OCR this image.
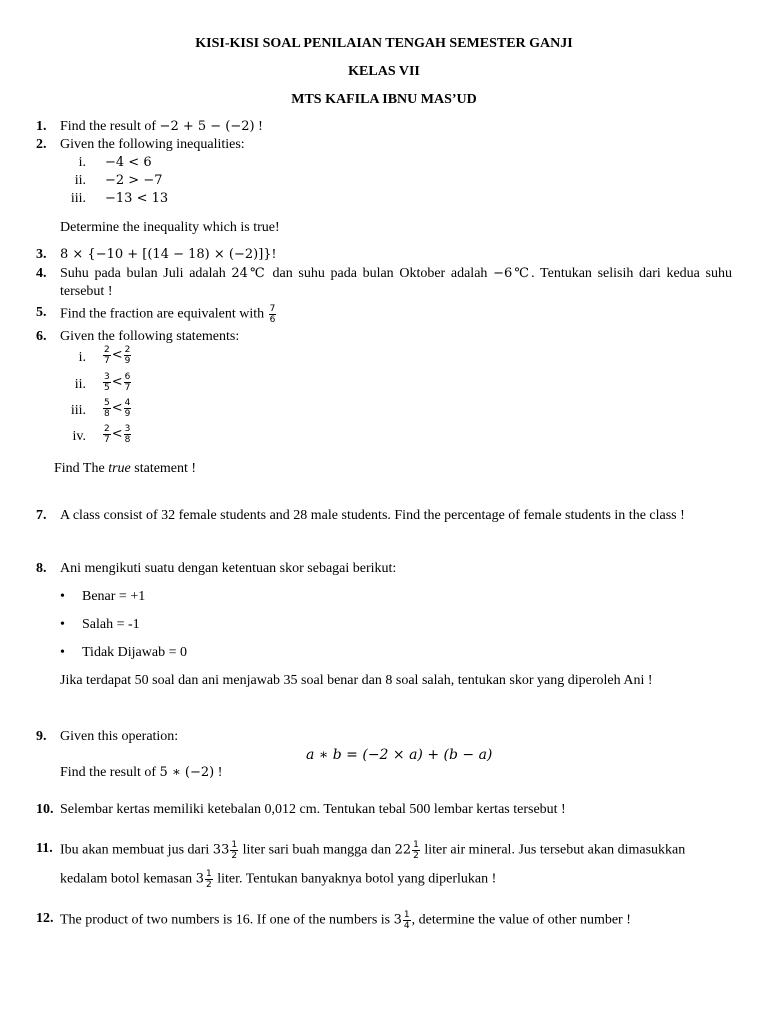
KISI-KISI SOAL PENILAIAN TENGAH SEMESTER GANJI
KELAS VII
MTS KAFILA IBNU MAS’UD
1. Find the result of −2 + 5 − (−2) !
2. Given the following inequalities:
i. −4 < 6
ii. −2 > −7
iii. −13 < 13
Determine the inequality which is true!
3.	8 × {−10 + [(14 − 18) × (−2)]}!
4. Suhu pada bulan Juli adalah 24℃ dan suhu pada bulan Oktober adalah −6℃. Tentukan selisih dari kedua suhu tersebut !
5. Find the fraction are equivalent with $\frac{7}{6}$
6. Given the following statements:
i. $\frac{2}{7} < \frac{2}{9}$
ii. $\frac{3}{5} < \frac{6}{7}$
iii. $\frac{5}{8} < \frac{4}{9}$
iv. $\frac{2}{7} < \frac{3}{8}$
Find The true statement !
7. A class consist of 32 female students and 28 male students. Find the percentage of female students in the class !
8. Ani mengikuti suatu dengan ketentuan skor sebagai berikut:
• Benar = +1
• Salah = -1
• Tidak Dijawab = 0
Jika terdapat 50 soal dan ani menjawab 35 soal benar dan 8 soal salah, tentukan skor yang diperoleh Ani !
9. Given this operation:
a ∗ b = (−2 × a) + (b − a)
Find the result of 5 ∗ (−2) !
10. Selembar kertas memiliki ketebalan 0,012 cm. Tentukan tebal 500 lembar kertas tersebut !
11. Ibu akan membuat jus dari $33 \frac{1}{2}$ liter sari buah mangga dan $22 \frac{1}{2}$ liter air mineral. Jus tersebut akan dimasukkan
kedalam botol kemasan $3 \frac{1}{2}$ liter. Tentukan banyaknya botol yang diperlukan !
12. The product of two numbers is 16. If one of the numbers is $3 \frac{1}{4}$ , determine the value of other number !
